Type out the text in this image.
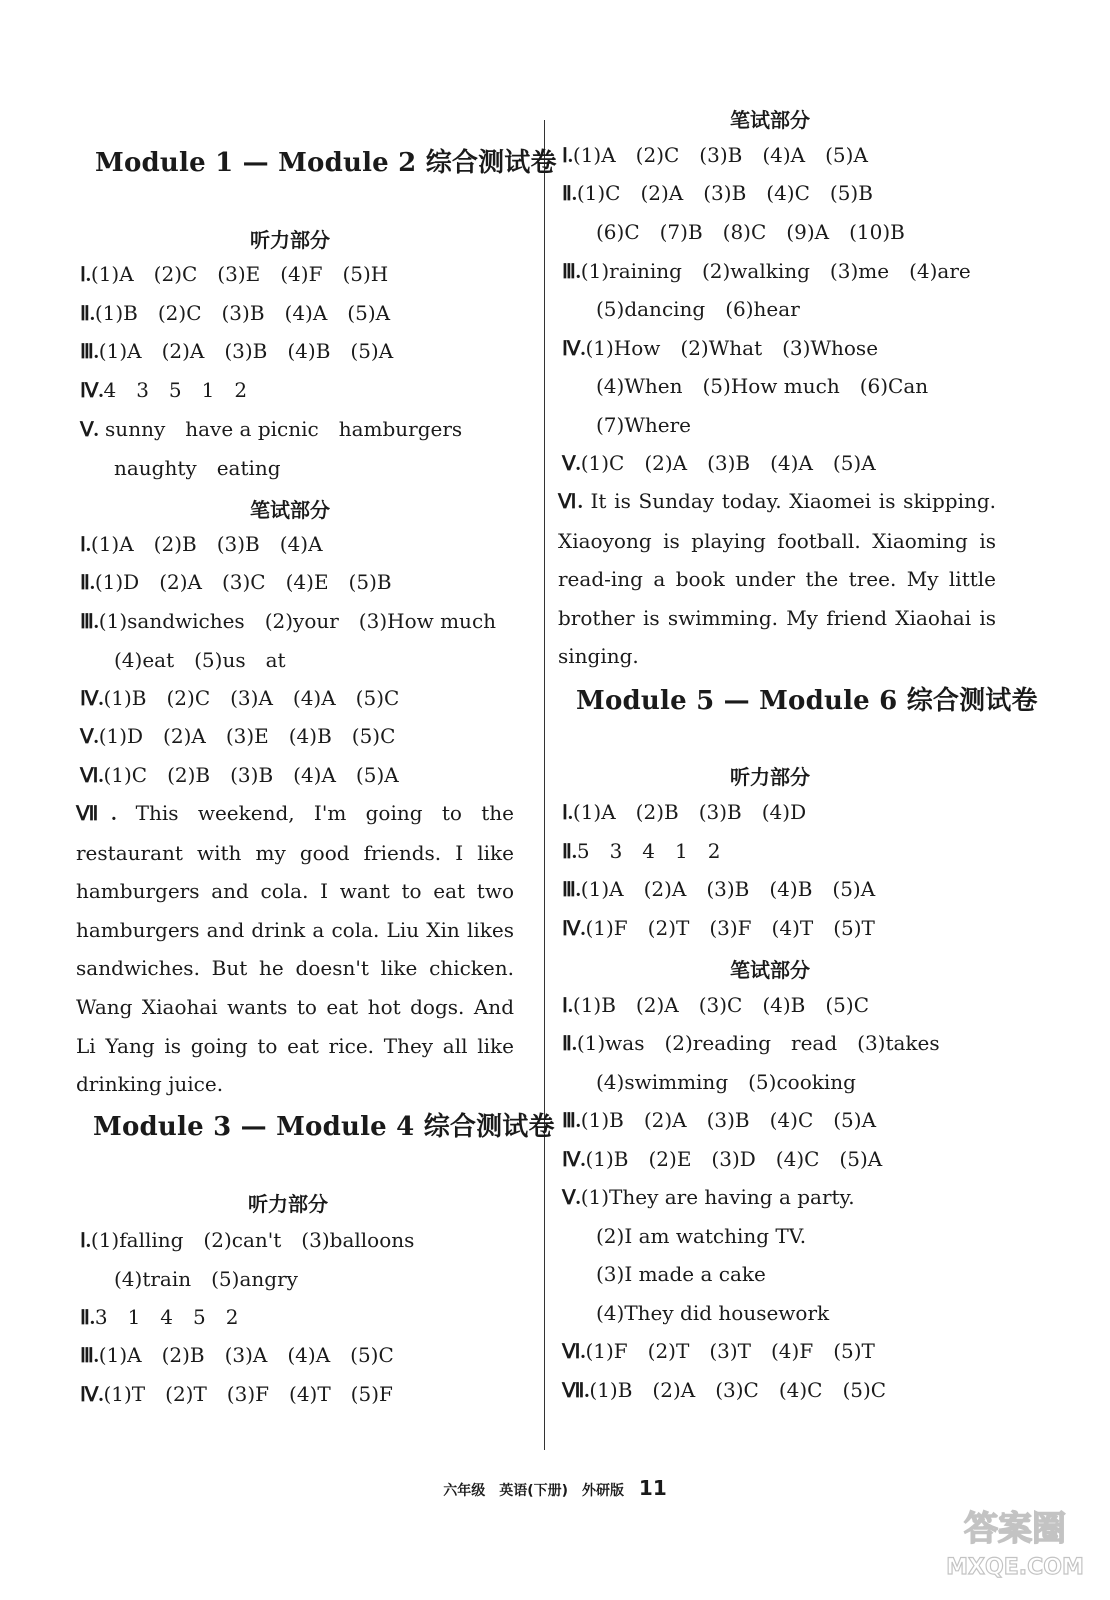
Module 1 — Module 2 综合测试卷
听力部分
Ⅰ.(1)A　(2)C　(3)E　(4)F　(5)H
Ⅱ.(1)B　(2)C　(3)B　(4)A　(5)A
Ⅲ.(1)A　(2)A　(3)B　(4)B　(5)A
Ⅳ.4　3　5　1　2
Ⅴ. sunny　have a picnic　hamburgers
naughty　eating
笔试部分
Ⅰ.(1)A　(2)B　(3)B　(4)A
Ⅱ.(1)D　(2)A　(3)C　(4)E　(5)B
Ⅲ.(1)sandwiches　(2)your　(3)How much
(4)eat　(5)us　at
Ⅳ.(1)B　(2)C　(3)A　(4)A　(5)C
Ⅴ.(1)D　(2)A　(3)E　(4)B　(5)C
Ⅵ.(1)C　(2)B　(3)B　(4)A　(5)A
Ⅶ. This weekend, I'm going to the restaurant with my good friends. I like hamburgers and cola. I want to eat two hamburgers and drink a cola. Liu Xin likes sandwiches. But he doesn't like chicken. Wang Xiaohai wants to eat hot dogs. And Li Yang is going to eat rice. They all like drinking juice.
Module 3 — Module 4 综合测试卷
听力部分
Ⅰ.(1)falling　(2)can't　(3)balloons
(4)train　(5)angry
Ⅱ.3　1　4　5　2
Ⅲ.(1)A　(2)B　(3)A　(4)A　(5)C
Ⅳ.(1)T　(2)T　(3)F　(4)T　(5)F
笔试部分
Ⅰ.(1)A　(2)C　(3)B　(4)A　(5)A
Ⅱ.(1)C　(2)A　(3)B　(4)C　(5)B
(6)C　(7)B　(8)C　(9)A　(10)B
Ⅲ.(1)raining　(2)walking　(3)me　(4)are
(5)dancing　(6)hear
Ⅳ.(1)How　(2)What　(3)Whose
(4)When　(5)How much　(6)Can
(7)Where
Ⅴ.(1)C　(2)A　(3)B　(4)A　(5)A
Ⅵ. It is Sunday today. Xiaomei is skipping. Xiaoyong is playing football. Xiaoming is read-ing a book under the tree. My little brother is swimming. My friend Xiaohai is singing.
Module 5 — Module 6 综合测试卷
听力部分
Ⅰ.(1)A　(2)B　(3)B　(4)D
Ⅱ.5　3　4　1　2
Ⅲ.(1)A　(2)A　(3)B　(4)B　(5)A
Ⅳ.(1)F　(2)T　(3)F　(4)T　(5)T
笔试部分
Ⅰ.(1)B　(2)A　(3)C　(4)B　(5)C
Ⅱ.(1)was　(2)reading　read　(3)takes
(4)swimming　(5)cooking
Ⅲ.(1)B　(2)A　(3)B　(4)C　(5)A
Ⅳ.(1)B　(2)E　(3)D　(4)C　(5)A
Ⅴ.(1)They are having a party.
(2)I am watching TV.
(3)I made a cake
(4)They did housework
Ⅵ.(1)F　(2)T　(3)T　(4)F　(5)T
Ⅶ.(1)B　(2)A　(3)C　(4)C　(5)C
六年级　英语(下册)　外研版 11
答案圈
MXQE.COM
